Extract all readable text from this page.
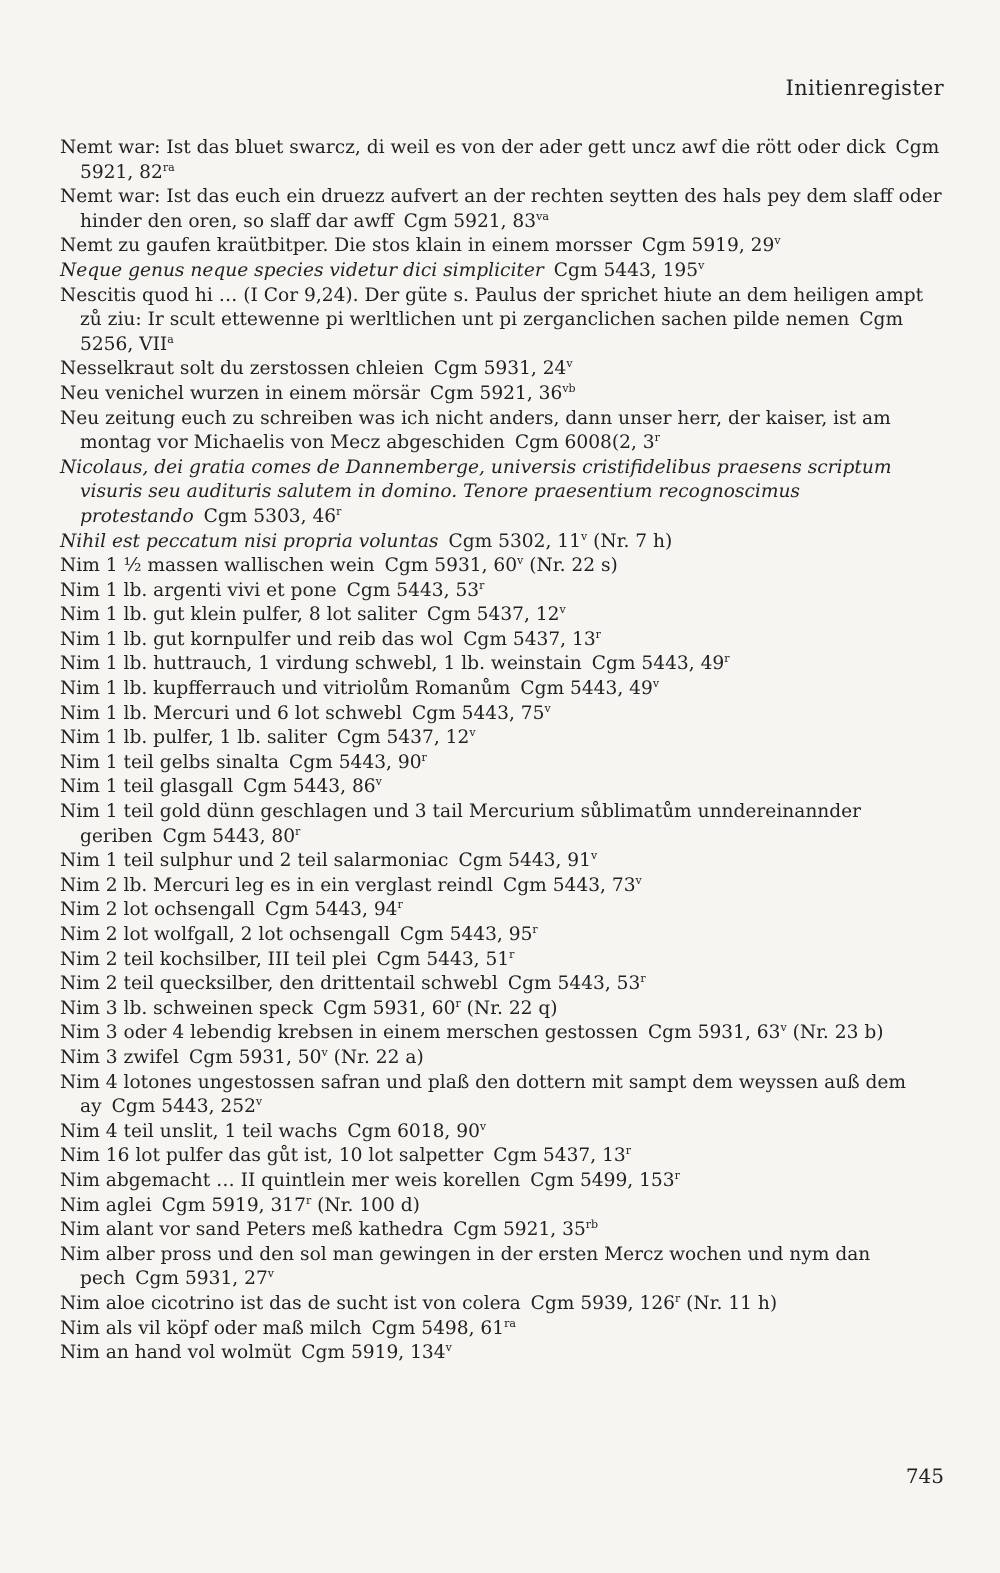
Initienregister

Nemt war: Ist das bluet swarcz, di weil es von der ader gett uncz awf die rött oder dick Cgm 5921, $82^{ra}$

Nemt war: Ist das euch ein druezz aufvert an der rechten seytten des hals pey dem slaff oder hinder den oren, so slaff dar awff Cgm 5921, $83^{va}$

Nemt zu gaufen kraütbitper. Die stos klain in einem morsser Cgm 5919, 29$^v$

Neque genus neque species videtur dici simpliciter Cgm 5443, 195$^v$

Nescitis quod hi … (I Cor 9,24). Der güte s. Paulus der sprichet hiute an dem heiligen ampt zů ziu: Ir scult ettewenne pi werltlichen unt pi zerganclichen sachen pilde nemen Cgm 5256, VII$^a$

Nesselkraut solt du zerstossen chleien Cgm 5931, 24$^v$

Neu venichel wurzen in einem mörsär Cgm 5921, $36^{vb}$

Neu zeitung euch zu schreiben was ich nicht anders, dann unser herr, der kaiser, ist am montag vor Michaelis von Mecz abgeschiden Cgm 6008(2, 3$^r$

Nicolaus, dei gratia comes de Dannemberge, universis cristifidelibus praesens scriptum visuris seu audituris salutem in domino. Tenore praesentium recognoscimus protestando Cgm 5303, 46$^r$

Nihil est peccatum nisi propria voluntas Cgm 5302, 11$^v$ (Nr. 7 h)

Nim 1 ½ massen wallischen wein Cgm 5931, 60$^v$ (Nr. 22 s)

Nim 1 lb. argenti vivi et pone Cgm 5443, 53$^r$

Nim 1 lb. gut klein pulfer, 8 lot saliter Cgm 5437, 12$^v$

Nim 1 lb. gut kornpulfer und reib das wol Cgm 5437, 13$^r$

Nim 1 lb. huttrauch, 1 virdung schwebl, 1 lb. weinstain Cgm 5443, 49$^r$

Nim 1 lb. kupfferrauch und vitriolům Romanům Cgm 5443, 49$^v$

Nim 1 lb. Mercuri und 6 lot schwebl Cgm 5443, 75$^v$

Nim 1 lb. pulfer, 1 lb. saliter Cgm 5437, 12$^v$

Nim 1 teil gelbs sinalta Cgm 5443, 90$^r$

Nim 1 teil glasgall Cgm 5443, 86$^v$

Nim 1 teil gold dünn geschlagen und 3 tail Mercurium sůblimatům unndereinannder geriben Cgm 5443, 80$^r$

Nim 1 teil sulphur und 2 teil salarmoniac Cgm 5443, 91$^v$

Nim 2 lb. Mercuri leg es in ein verglast reindl Cgm 5443, 73$^v$

Nim 2 lot ochsengall Cgm 5443, 94$^r$

Nim 2 lot wolfgall, 2 lot ochsengall Cgm 5443, 95$^r$

Nim 2 teil kochsilber, III teil plei Cgm 5443, 51$^r$

Nim 2 teil quecksilber, den drittentail schwebl Cgm 5443, 53$^r$

Nim 3 lb. schweinen speck Cgm 5931, 60$^r$ (Nr. 22 q)

Nim 3 oder 4 lebendig krebsen in einem merschen gestossen Cgm 5931, 63$^v$ (Nr. 23 b)

Nim 3 zwifel Cgm 5931, 50$^v$ (Nr. 22 a)

Nim 4 lotones ungestossen safran und plaß den dottern mit sampt dem weyssen auß dem ay Cgm 5443, 252$^v$

Nim 4 teil unslit, 1 teil wachs Cgm 6018, 90$^v$

Nim 16 lot pulfer das gůt ist, 10 lot salpetter Cgm 5437, 13$^r$

Nim abgemacht … II quintlein mer weis korellen Cgm 5499, 153$^r$

Nim aglei Cgm 5919, 317$^r$ (Nr. 100 d)

Nim alant vor sand Peters meß kathedra Cgm 5921, $35^{rb}$

Nim alber pross und den sol man gewingen in der ersten Mercz wochen und nym dan pech Cgm 5931, 27$^v$

Nim aloe cicotrino ist das de sucht ist von colera Cgm 5939, 126$^r$ (Nr. 11 h)

Nim als vil köpf oder maß milch Cgm 5498, $61^{ra}$

Nim an hand vol wolmüt Cgm 5919, 134$^v$

745
